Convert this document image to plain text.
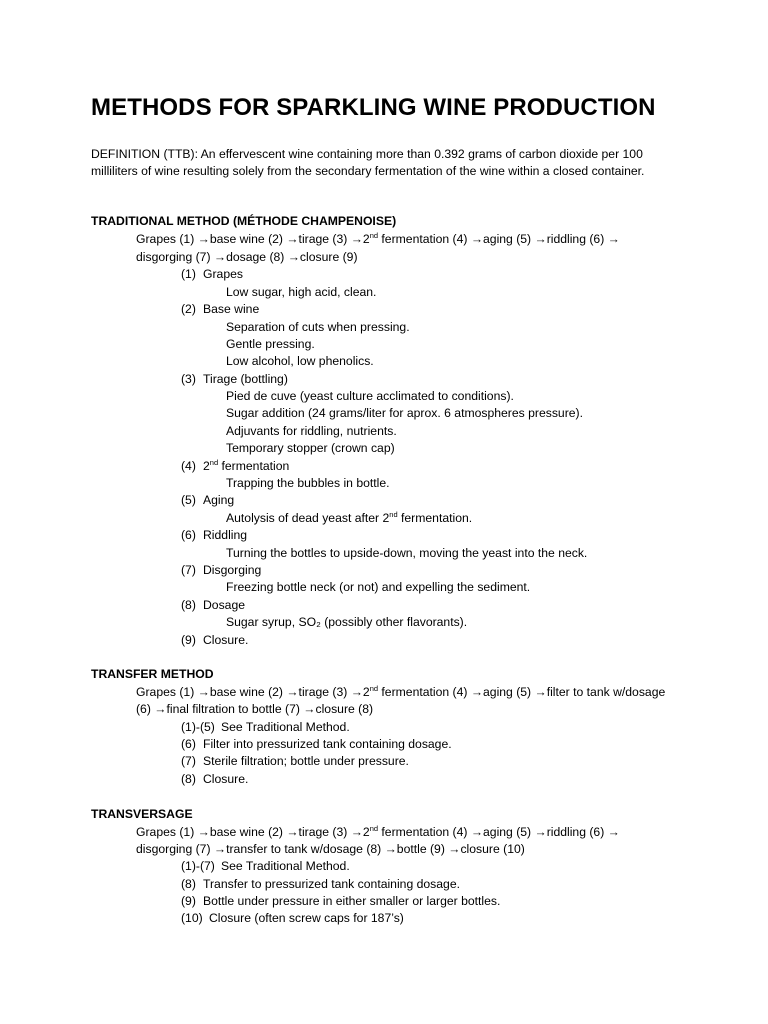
METHODS FOR SPARKLING WINE PRODUCTION
DEFINITION (TTB): An effervescent wine containing more than 0.392 grams of carbon dioxide per 100 milliliters of wine resulting solely from the secondary fermentation of the wine within a closed container.
TRADITIONAL METHOD (MÉTHODE CHAMPENOISE)
Grapes (1) →base wine (2) →tirage (3) →2nd fermentation (4) →aging (5) →riddling (6) →
disgorging (7) →dosage (8) →closure (9)
(1) Grapes
Low sugar, high acid, clean.
(2) Base wine
Separation of cuts when pressing.
Gentle pressing.
Low alcohol, low phenolics.
(3) Tirage (bottling)
Pied de cuve (yeast culture acclimated to conditions).
Sugar addition (24 grams/liter for aprox. 6 atmospheres pressure).
Adjuvants for riddling, nutrients.
Temporary stopper (crown cap)
(4) 2nd fermentation
Trapping the bubbles in bottle.
(5) Aging
Autolysis of dead yeast after 2nd fermentation.
(6) Riddling
Turning the bottles to upside-down, moving the yeast into the neck.
(7) Disgorging
Freezing bottle neck (or not) and expelling the sediment.
(8) Dosage
Sugar syrup, SO₂ (possibly other flavorants).
(9) Closure.
TRANSFER METHOD
Grapes (1) →base wine (2) →tirage (3) →2nd fermentation (4) →aging (5) →filter to tank w/dosage
(6) →final filtration to bottle (7) →closure (8)
(1)-(5) See Traditional Method.
(6) Filter into pressurized tank containing dosage.
(7) Sterile filtration; bottle under pressure.
(8) Closure.
TRANSVERSAGE
Grapes (1) →base wine (2) →tirage (3) →2nd fermentation (4) →aging (5) →riddling (6) →
disgorging (7) →transfer to tank w/dosage (8) →bottle (9) →closure (10)
(1)-(7) See Traditional Method.
(8) Transfer to pressurized tank containing dosage.
(9) Bottle under pressure in either smaller or larger bottles.
(10) Closure (often screw caps for 187’s)
